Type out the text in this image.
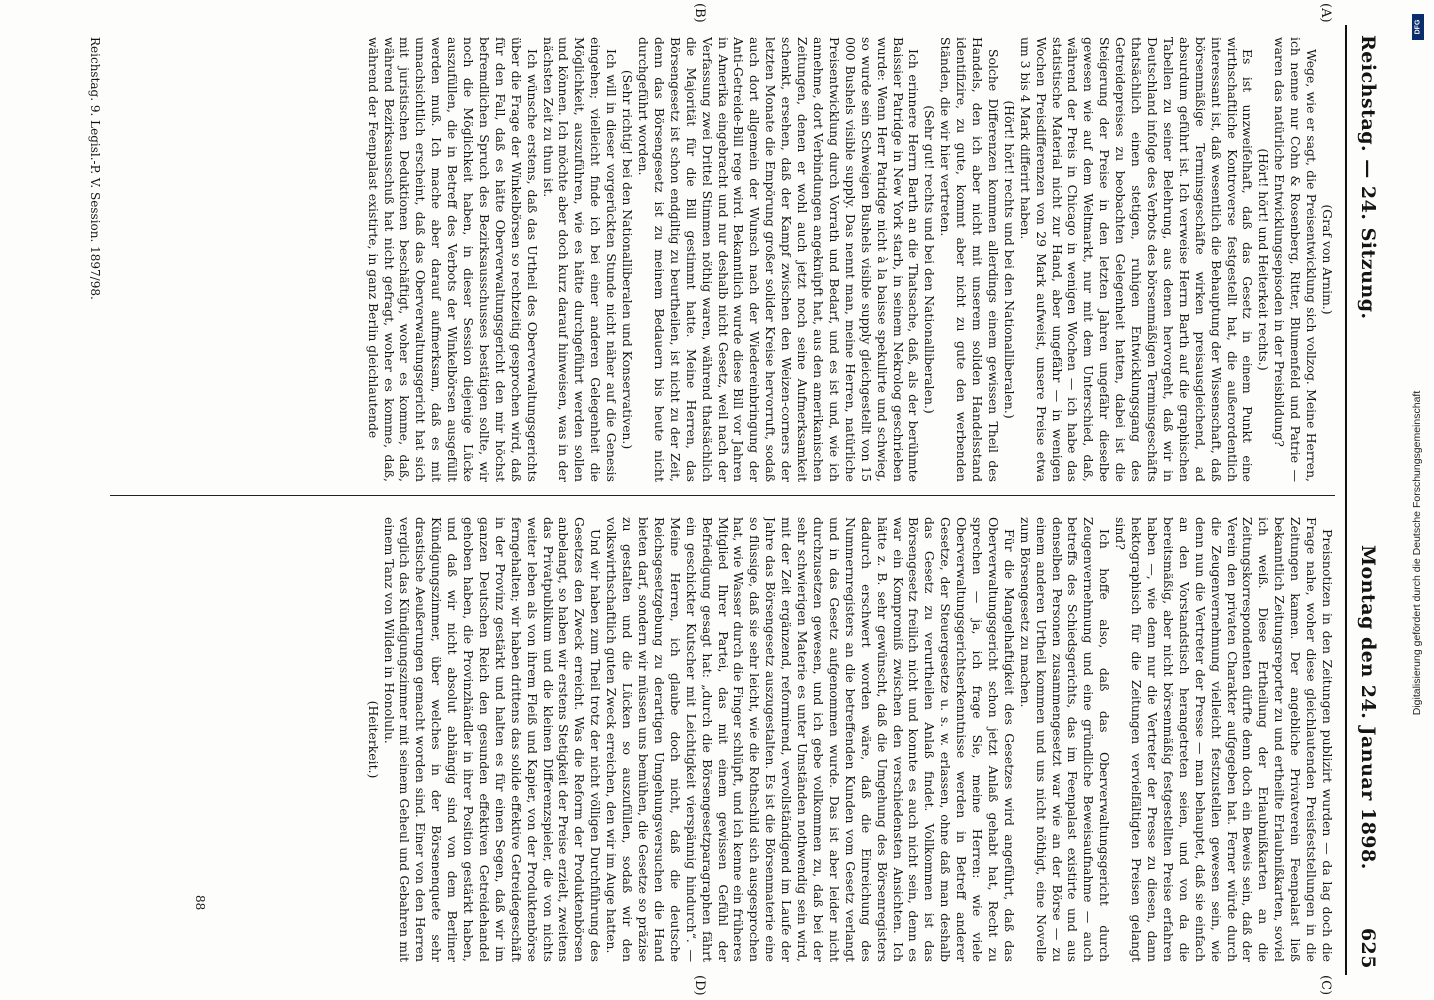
Reichstag. — 24. Sitzung.
Montag den 24. Januar 1898.
625
(A)
(B)
(C)
(D)

(Graf von Arnim.)

Wege, wie er sagt, die Preisentwicklung sich vollzog. Meine Herren, ich nenne nur Cohn & Rosenberg, Ritter, Blumenfeld und Patrie — waren das natürliche Entwicklungsepisoden in der Preisbildung?

(Hört! hört! und Heiterkeit rechts.)

Es ist unzweifelhaft, daß das Gesetz in einem Punkt eine wirthschaftliche Kontroverse festgestellt hat, die außerordentlich interessant ist, daß wesentlich die Behauptung der Wissenschaft, daß börsenmäßige Terminsgeschäfte wirken preisausgleichend, ad absurdum geführt ist. Ich verweise Herrn Barth auf die graphischen Tabellen zu seiner Belehrung, aus denen hervorgeht, daß wir in Deutschland infolge des Verbots des börsenmäßigen Terminsgeschäfts thatsächlich einen stetigen, ruhigen Entwicklungsgang des Getreidepreises zu beobachten Gelegenheit hatten, dabei ist die Steigerung der Preise in den letzten Jahren ungefähr dieselbe gewesen wie auf dem Weltmarkt, nur mit dem Unterschied, daß, während der Preis in Chicago in wenigen Wochen — ich habe das statistische Material nicht zur Hand, aber ungefähr — in wenigen Wochen Preisdifferenzen von 29 Mark aufweist, unsere Preise etwa um 3 bis 4 Mark differirt haben.

(Hört! hört! rechts und bei den Nationalliberalen.)

Solche Differenzen kommen allerdings einem gewissen Theil des Handels, den ich aber nicht mit unserem soliden Handelsstand identifizire, zu gute, kommt aber nicht zu gute den werbenden Ständen, die wir hier vertreten.

(Sehr gut! rechts und bei den Nationalliberalen.)

Ich erinnere Herrn Barth an die Thatsache, daß, als der berühmte Baissier Patridge in New York starb, in seinem Nekrolog geschrieben wurde: Wenn Herr Patridge nicht à la baisse spekulirte und schwieg, so wurde sein Schweigen Bushels visible supply gleichgestellt von 15 000 Bushels visible supply. Das nennt man, meine Herren, natürliche Preisentwicklung durch Vorrath und Bedarf, und es ist und, wie ich annehme, dort Verbindungen angeknüpft hat, aus den amerikanischen Zeitungen, denen er wohl auch jetzt noch seine Aufmerksamkeit schenkt, ersehen, daß der Kampf zwischen den Weizen-corners der letzten Monate die Empörung großer solider Kreise hervorruft, sodaß auch dort allgemein der Wunsch nach der Wiedereinbringung der Anti-Getreide-Bill rege wird. Bekanntlich wurde diese Bill vor Jahren in Amerika eingebracht und nur deshalb nicht Gesetz, weil nach der Verfassung zwei Drittel Stimmen nöthig waren, während thatsächlich die Majorität für die Bill gestimmt hatte. Meine Herren, das Börsengesetz ist schon endgiltig zu beurtheilen, ist nicht zu der Zeit, denn das Börsengesetz ist zu meinem Bedauern bis heute nicht durchgeführt worden.

(Sehr richtig! bei den Nationalliberalen und Konservativen.)

Ich will in dieser vorgerückten Stunde nicht näher auf die Genesis eingehen; vielleicht finde ich bei einer anderen Gelegenheit die Möglichkeit, auszuführen, wie es hätte durchgeführt werden sollen und können. Ich möchte aber doch kurz darauf hinweisen, was in der nächsten Zeit zu thun ist.

Ich wünsche erstens, daß das Urtheil des Oberverwaltungsgerichts über die Frage der Winkelbörsen so rechtzeitig gesprochen wird, daß für den Fall, daß es hätte Oberverwaltungsgericht den mir höchst befremdlichen Spruch des Bezirksausschusses bestätigen sollte, wir noch die Möglichkeit haben, in dieser Session diejenige Lücke auszufüllen, die in Betreff des Verbots der Winkelbörsen ausgefüllt werden muß. Ich mache aber darauf aufmerksam, daß es mit unnachsichtlich erscheint, daß das Oberverwaltungsgericht hat sich mit juristischen Deduktionen beschäftigt, woher es komme, daß, während Bezirksausschuß hat nicht gefragt, woher es komme, daß, während der Feenpalast existirte, in ganz Berlin gleichlautende

Preisnotizen in den Zeitungen publizirt wurden — da lag doch die Frage nahe, woher diese gleichlautenden Preisfeststellungen in die Zeitungen kamen. Der angebliche Privatverein Feenpalast ließ bekanntlich Zeitungsreporter zu und ertheilte Erlaubnißkarten, soviel ich weiß. Diese Ertheilung der Erlaubnißkarten an die Zeitungskorrespondenten dürfte denn doch ein Beweis sein, daß der Verein den privaten Charakter aufgegeben hat. Ferner würde durch die Zeugenvernehmung vielleicht festzustellen gewesen sein, wie denn nun die Vertreter der Presse — man behauptet, daß sie einfach an den Vorstandstisch herangetreten seien, und von da die bereitsmäßig, aber nicht börsenmäßig festgestellten Preise erfahren haben —, wie denn nur die Vertreter der Presse zu diesen, dann hektographisch für die Zeitungen vervielfältigten Preisen gelangt sind?

Ich hoffe also, daß das Oberverwaltungsgericht durch Zeugenvernehmung und eine gründliche Beweisaufnahme — auch betreffs des Schiedsgerichts, das im Feenpalast existirte und aus denselben Personen zusammengesetzt war wie an der Börse — zu einem anderen Urtheil kommen und uns nicht nöthigt, eine Novelle zum Börsengesetz zu machen.

Für die Mangelhaftigkeit des Gesetzes wird angeführt, daß das Oberverwaltungsgericht schon jetzt Anlaß gehabt hat, Recht zu sprechen — ja, ich frage Sie, meine Herren: wie viele Oberverwaltungsgerichtserkenntnisse werden in Betreff anderer Gesetze, der Steuergesetze u. s. w. erlassen, ohne daß man deshalb das Gesetz zu verurtheilen Anlaß findet. Vollkommen ist das Börsengesetz freilich nicht und konnte es auch nicht sein, denn es war ein Kompromiß zwischen den verschiedensten Ansichten. Ich hätte z. B. sehr gewünscht, daß die Umgehung des Börsenregisters dadurch erschwert worden wäre, daß die Einreichung des Nummernregisters an die betreffenden Kunden vom Gesetz verlangt und in das Gesetz aufgenommen wurde. Das ist aber leider nicht durchzusetzen gewesen, und ich gebe vollkommen zu, daß bei der sehr schwierigen Materie es unter Umständen nothwendig sein wird, mit der Zeit ergänzend, reformirend, vervollständigend im Laufe der Jahre das Börsengesetz auszugestalten. Es ist die Börsenmaterie eine so flüssige, daß sie sehr leicht, wie die Rothschild sich ausgesprochen hat, wie Wasser durch die Finger schlüpft, und ich kenne ein früheres Mitglied Ihrer Partei, das mit einem gewissen Gefühl der Befriedigung gesagt hat: „durch die Börsengesetzparagraphen fährt ein geschickter Kutscher mit Leichtigkeit vierspännig hindurch“. — Meine Herren, ich glaube doch nicht, daß die deutsche Reichsgesetzgebung zu derartigen Umgehungsversuchen die Hand bieten darf, sondern wir müssen uns bemühen, die Gesetze so präzise zu gestalten und die Lücken so auszufüllen, sodaß wir den volkswirthschaftlich guten Zweck erreichen, den wir im Auge hatten.

Und wir haben zum Theil trotz der nicht völligen Durchführung des Gesetzes den Zweck erreicht. Was die Reform der Produktenbörsen anbelangt, so haben wir erstens Stetigkeit der Preise erzielt, zweitens das Privatpublikum und die kleinen Differenzspieler, die von nichts weiter leben als von ihrem Fleiß und Kapier, von der Produktenbörse ferngehalten; wir haben drittens das solide effektive Getreidegeschäft in der Provinz gestärkt und halten es für einen Segen, daß wir im ganzen Deutschen Reich den gesunden effektiven Getreidehandel gehoben haben, die Provinzhändler in ihrer Position gestärkt haben, und daß wir nicht absolut abhängig sind von dem Berliner Kündigungszimmer, über welches in der Börsenenquete sehr drastische Aeußerungen gemacht worden sind. Einer von den Herren verglich das Kündigungszimmer mit seinem Geheul und Gebahren mit einem Tanz von Wilden in Honolulu.

(Heiterkeit.)

Reichstag. 9. Legisl.-P. V. Session. 1897/98.
88
DFG
Digitalisierung gefördert durch die Deutsche Forschungsgemeinschaft
